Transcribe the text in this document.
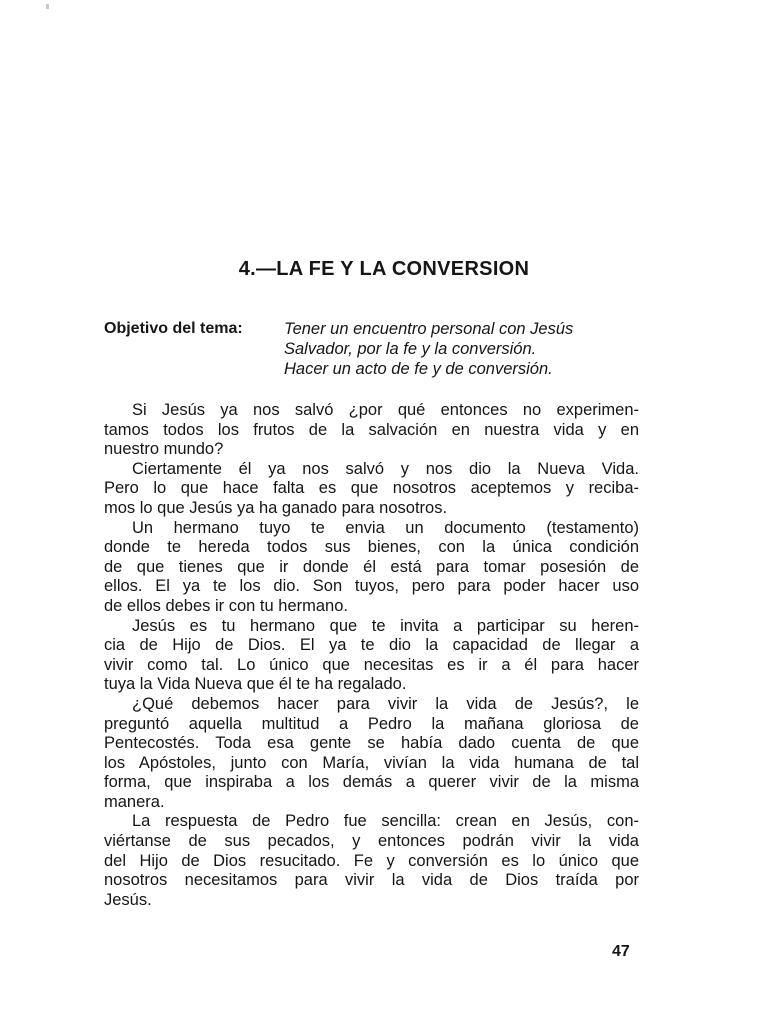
4.—LA FE Y LA CONVERSION
Objetivo del tema:	Tener un encuentro personal con Jesús
Salvador, por la fe y la conversión.
Hacer un acto de fe y de conversión.

Si Jesús ya nos salvó ¿por qué entonces no experimen-
tamos todos los frutos de la salvación en nuestra vida y en
nuestro mundo?

Ciertamente él ya nos salvó y nos dio la Nueva Vida.
Pero lo que hace falta es que nosotros aceptemos y reciba-
mos lo que Jesús ya ha ganado para nosotros.

Un hermano tuyo te envia un documento (testamento)
donde te hereda todos sus bienes, con la única condición
de que tienes que ir donde él está para tomar posesión de
ellos. El ya te los dio. Son tuyos, pero para poder hacer uso
de ellos debes ir con tu hermano.

Jesús es tu hermano que te invita a participar su heren-
cia de Hijo de Dios. El ya te dio la capacidad de llegar a
vivir como tal. Lo único que necesitas es ir a él para hacer
tuya la Vida Nueva que él te ha regalado.

¿Qué debemos hacer para vivir la vida de Jesús?, le
preguntó aquella multitud a Pedro la mañana gloriosa de
Pentecostés. Toda esa gente se había dado cuenta de que
los Apóstoles, junto con María, vivían la vida humana de tal
forma, que inspiraba a los demás a querer vivir de la misma
manera.

La respuesta de Pedro fue sencilla: crean en Jesús, con-
viértanse de sus pecados, y entonces podrán vivir la vida
del Hijo de Dios resucitado. Fe y conversión es lo único que
nosotros necesitamos para vivir la vida de Dios traída por
Jesús.

47
